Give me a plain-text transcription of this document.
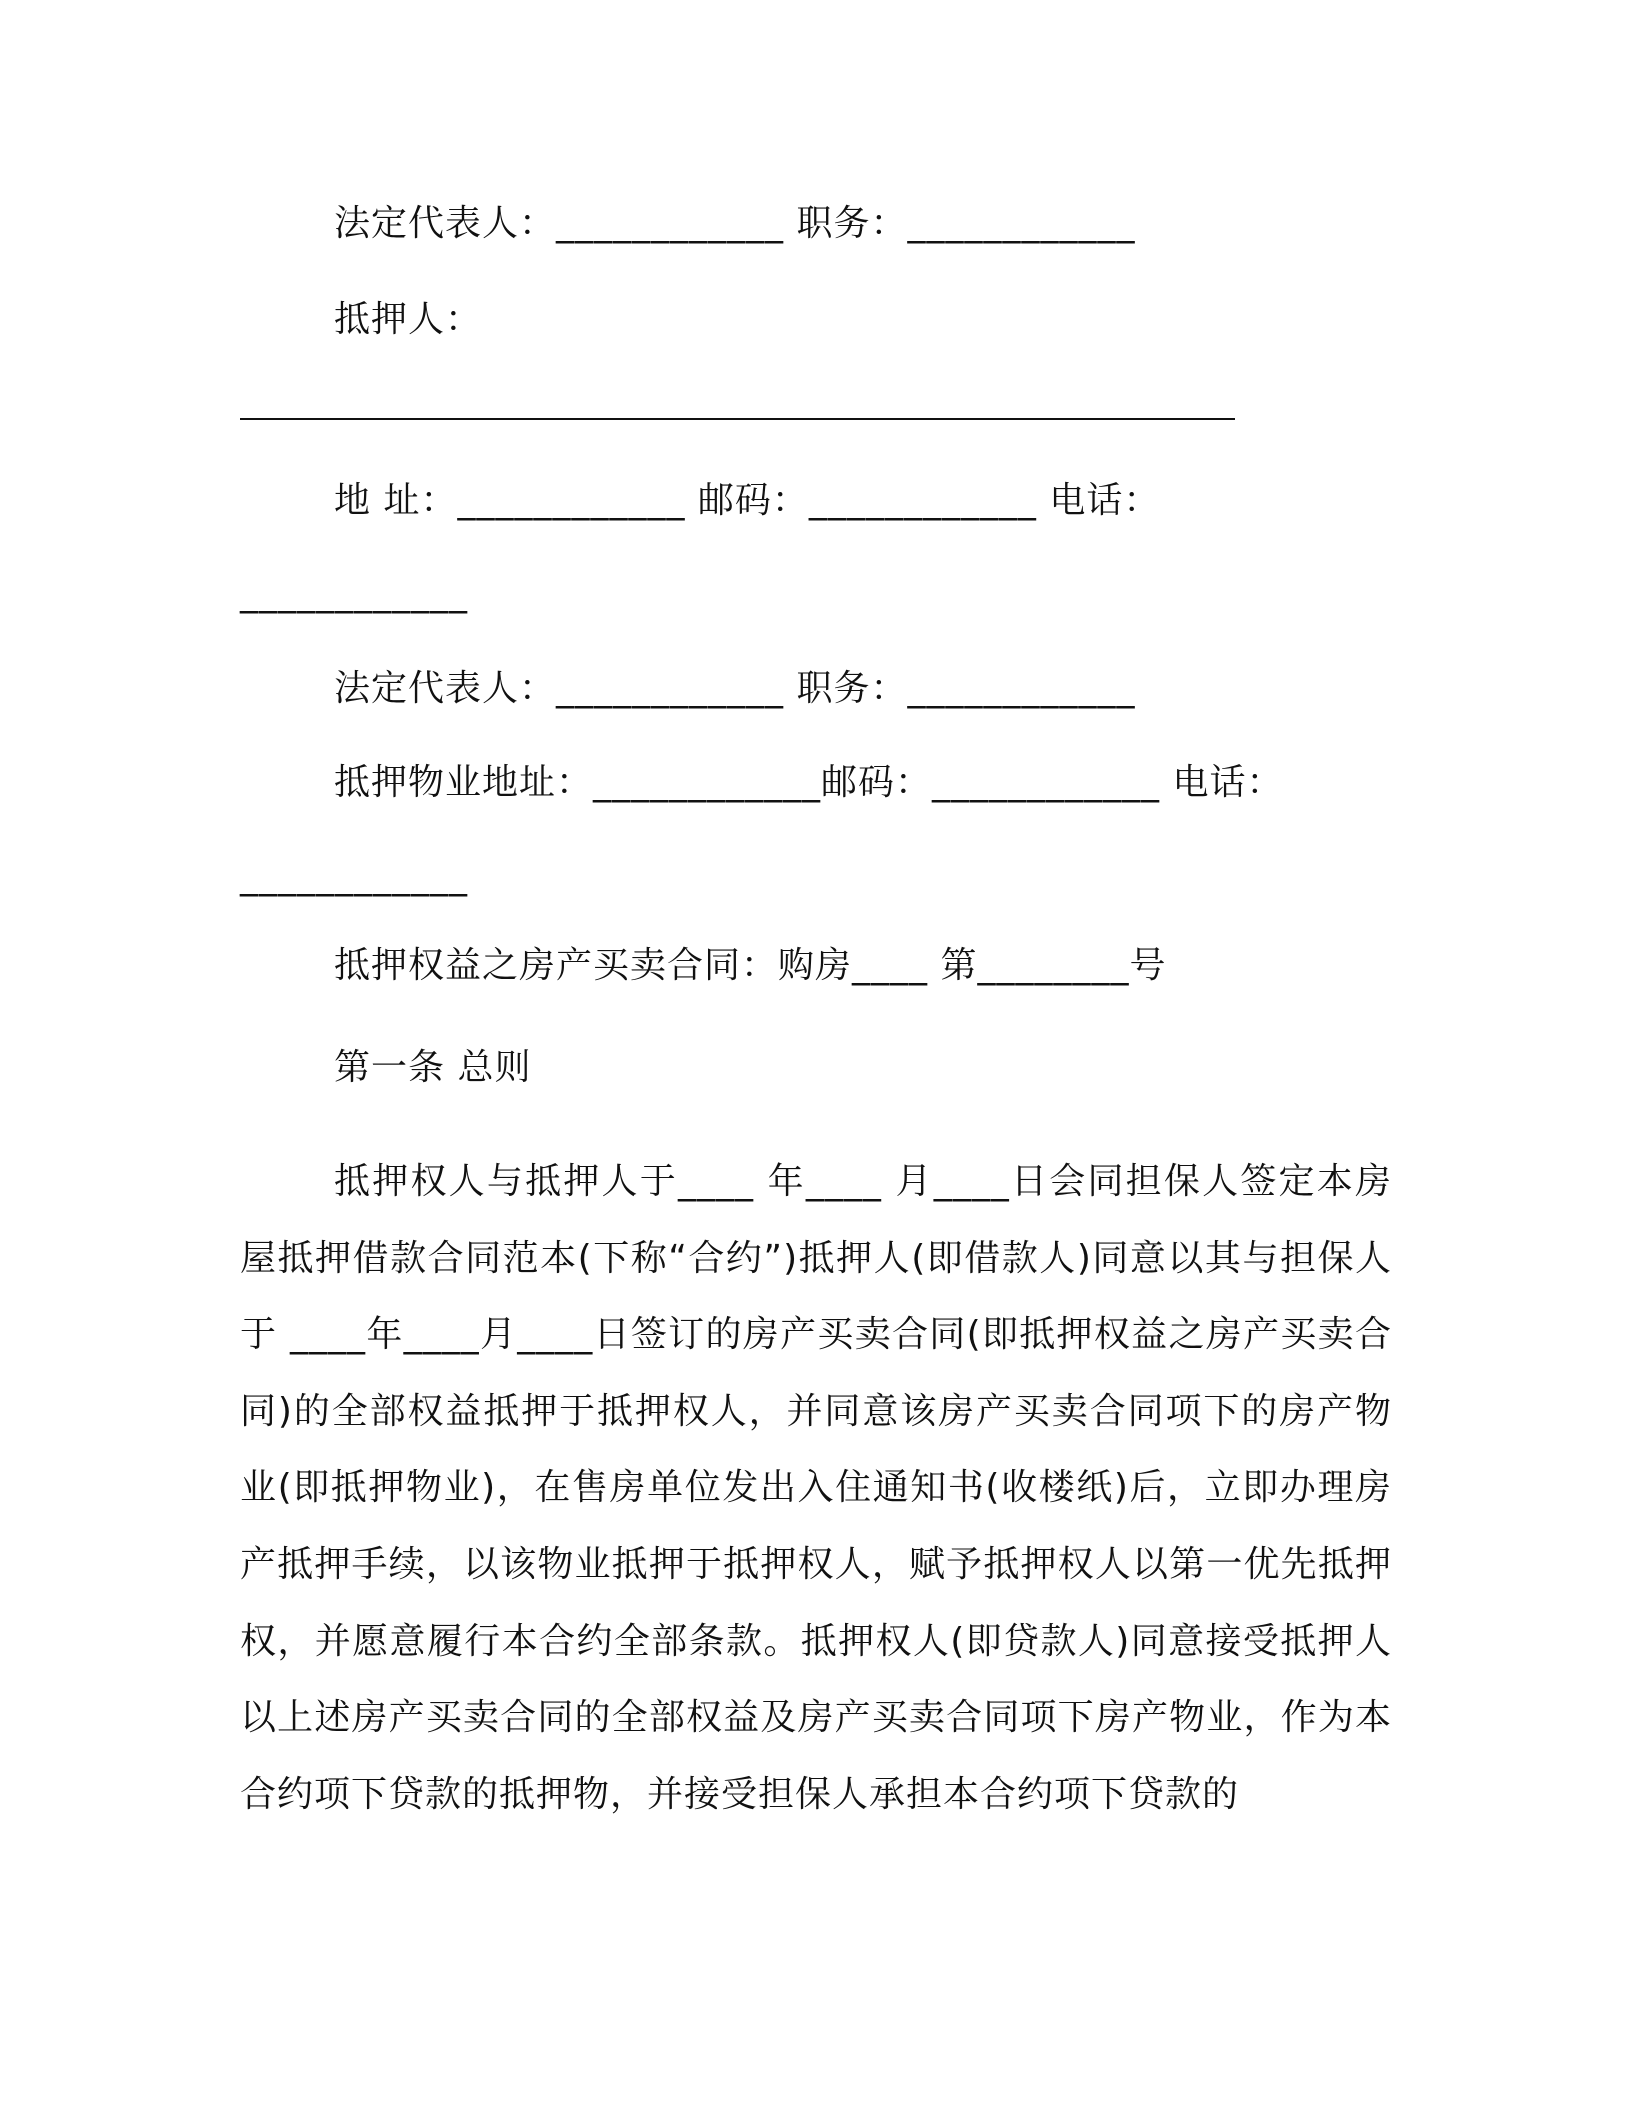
法定代表人：____________ 职务：____________
抵押人：
地 址：____________ 邮码：____________ 电话：
____________
法定代表人：____________ 职务：____________
抵押物业地址：____________邮码：____________ 电话：
____________
抵押权益之房产买卖合同：购房____ 第________号
第一条 总则
抵押权人与抵押人于____ 年____ 月____日会同担保人签定本房屋抵押借款合同范本(下称“合约”)抵押人(即借款人)同意以其与担保人于 ____年____月____日签订的房产买卖合同(即抵押权益之房产买卖合同)的全部权益抵押于抵押权人，并同意该房产买卖合同项下的房产物业(即抵押物业)，在售房单位发出入住通知书(收楼纸)后，立即办理房产抵押手续，以该物业抵押于抵押权人，赋予抵押权人以第一优先抵押权，并愿意履行本合约全部条款。抵押权人(即贷款人)同意接受抵押人以上述房产买卖合同的全部权益及房产买卖合同项下房产物业，作为本合约项下贷款的抵押物，并接受担保人承担本合约项下贷款的
